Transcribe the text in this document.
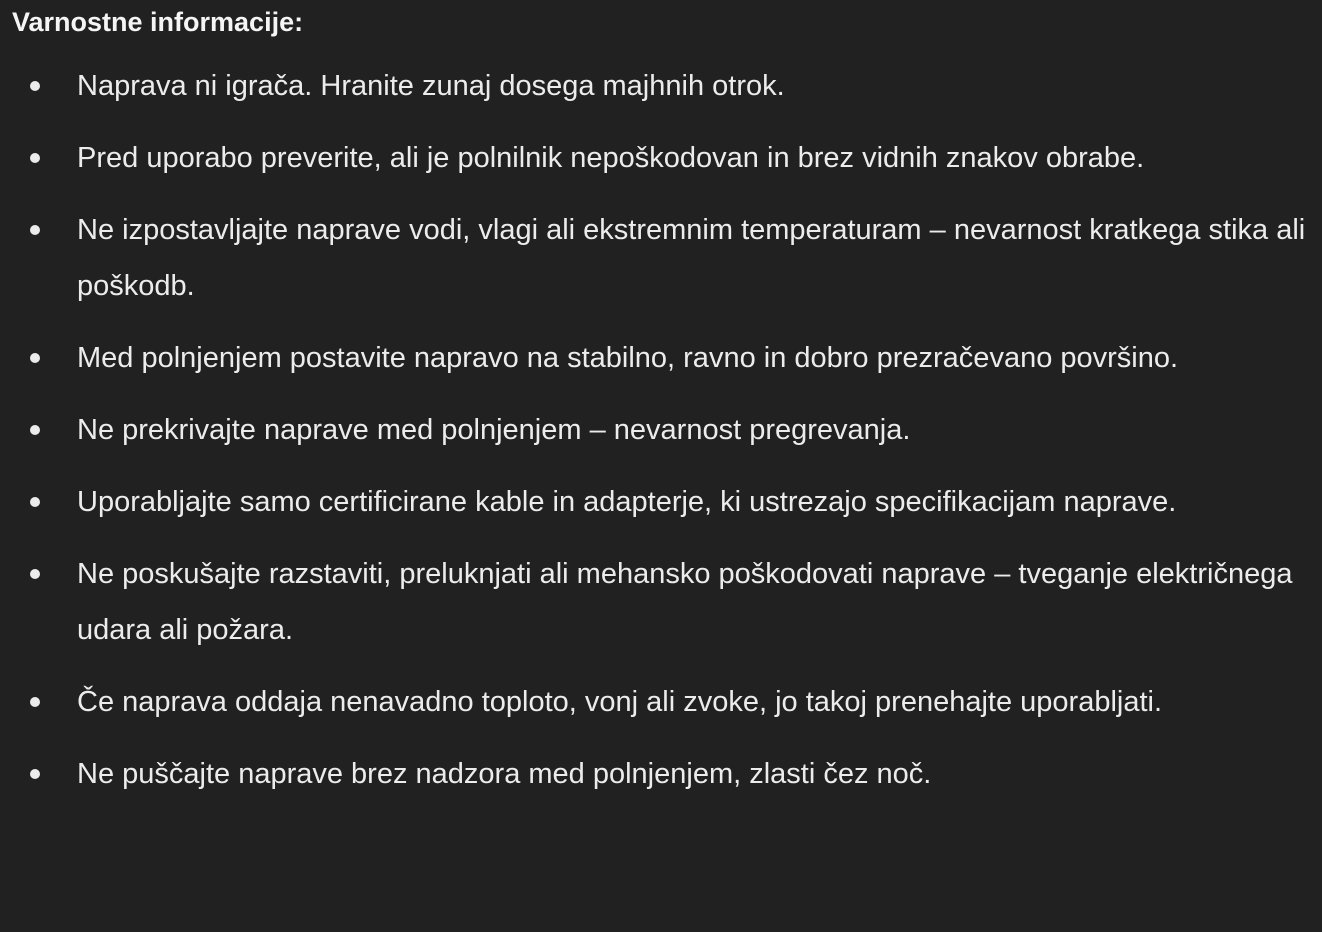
Varnostne informacije:
Naprava ni igrača. Hranite zunaj dosega majhnih otrok.
Pred uporabo preverite, ali je polnilnik nepoškodovan in brez vidnih znakov obrabe.
Ne izpostavljajte naprave vodi, vlagi ali ekstremnim temperaturam – nevarnost kratkega stika ali poškodb.
Med polnjenjem postavite napravo na stabilno, ravno in dobro prezračevano površino.
Ne prekrivajte naprave med polnjenjem – nevarnost pregrevanja.
Uporabljajte samo certificirane kable in adapterje, ki ustrezajo specifikacijam naprave.
Ne poskušajte razstaviti, preluknjati ali mehansko poškodovati naprave – tveganje električnega udara ali požara.
Če naprava oddaja nenavadno toploto, vonj ali zvoke, jo takoj prenehajte uporabljati.
Ne puščajte naprave brez nadzora med polnjenjem, zlasti čez noč.
